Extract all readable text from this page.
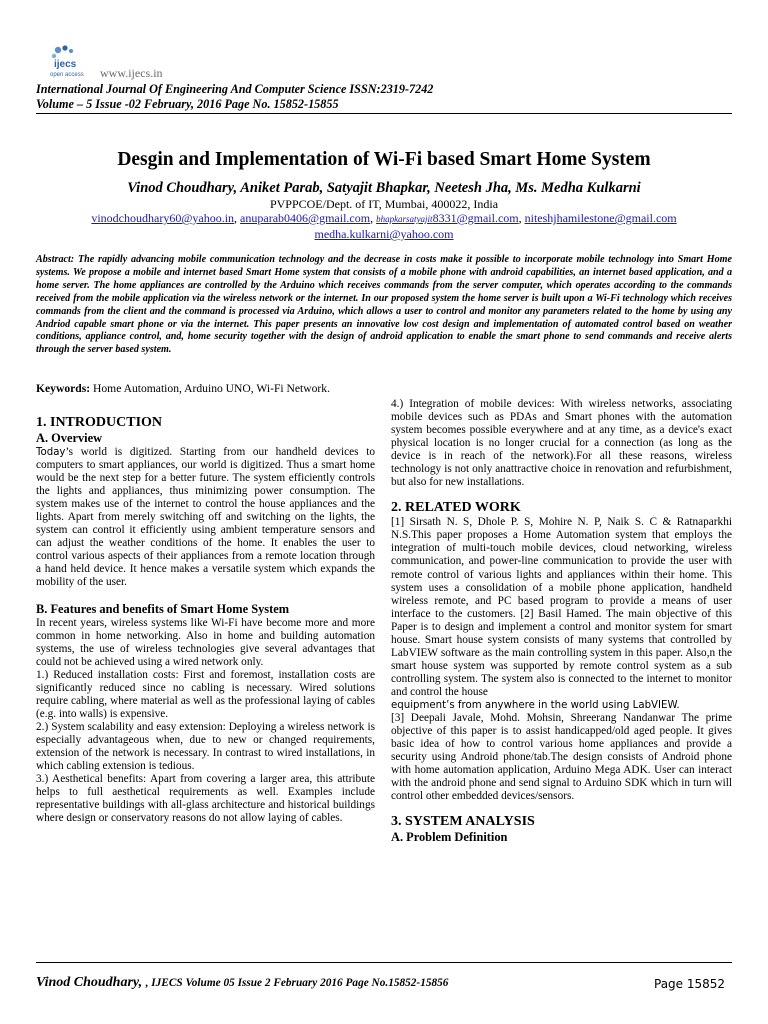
ijecs
open access www.ijecs.in
International Journal Of Engineering And Computer Science ISSN:2319-7242
Volume – 5 Issue -02 February, 2016 Page No. 15852-15855
Desgin and Implementation of Wi-Fi based Smart Home System
Vinod Choudhary, Aniket Parab, Satyajit Bhapkar, Neetesh Jha, Ms. Medha Kulkarni
PVPPCOE/Dept. of IT, Mumbai, 400022, India
vinodchoudhary60@yahoo.in, anuparab0406@gmail.com, bhapkarsatyajit8331@gmail.com, niteshjhamilestone@gmail.com
medha.kulkarni@yahoo.com
Abstract: The rapidly advancing mobile communication technology and the decrease in costs make it possible to incorporate mobile technology into Smart Home systems. We propose a mobile and internet based Smart Home system that consists of a mobile phone with android capabilities, an internet based application, and a home server. The home appliances are controlled by the Arduino which receives commands from the server computer, which operates according to the commands received from the mobile application via the wireless network or the internet. In our proposed system the home server is built upon a Wi-Fi technology which receives commands from the client and the command is processed via Arduino, which allows a user to control and monitor any parameters related to the home by using any Andriod capable smart phone or via the internet. This paper presents an innovative low cost design and implementation of automated control based on weather conditions, appliance control, and, home security together with the design of android application to enable the smart phone to send commands and receive alerts through the server based system.
Keywords: Home Automation, Arduino UNO, Wi-Fi Network.
1. INTRODUCTION
A. Overview

Today’s world is digitized. Starting from our handheld devices to computers to smart appliances, our world is digitized. Thus a smart home would be the next step for a better future. The system efficiently controls the lights and appliances, thus minimizing power consumption. The system makes use of the internet to control the house appliances and the lights. Apart from merely switching off and switching on the lights, the system can control it efficiently using ambient temperature sensors and can adjust the weather conditions of the home. It enables the user to control various aspects of their appliances from a remote location through a hand held device. It hence makes a versatile system which expands the mobility of the user.

B. Features and benefits of Smart Home System

In recent years, wireless systems like Wi-Fi have become more and more common in home networking. Also in home and building automation systems, the use of wireless technologies give several advantages that could not be achieved using a wired network only.

1.) Reduced installation costs: First and foremost, installation costs are significantly reduced since no cabling is necessary. Wired solutions require cabling, where material as well as the professional laying of cables (e.g. into walls) is expensive.

2.) System scalability and easy extension: Deploying a wireless network is especially advantageous when, due to new or changed requirements, extension of the network is necessary. In contrast to wired installations, in which cabling extension is tedious.

3.) Aesthetical benefits: Apart from covering a larger area, this attribute helps to full aesthetical requirements as well. Examples include representative buildings with all-glass architecture and historical buildings where design or conservatory reasons do not allow laying of cables.

4.) Integration of mobile devices: With wireless networks, associating mobile devices such as PDAs and Smart phones with the automation system becomes possible everywhere and at any time, as a device's exact physical location is no longer crucial for a connection (as long as the device is in reach of the network).For all these reasons, wireless technology is not only anattractive choice in renovation and refurbishment, but also for new installations.

2. RELATED WORK

[1] Sirsath N. S, Dhole P. S, Mohire N. P, Naik S. C & Ratnaparkhi N.S.This paper proposes a Home Automation system that employs the integration of multi-touch mobile devices, cloud networking, wireless communication, and power-line communication to provide the user with remote control of various lights and appliances within their home. This system uses a consolidation of a mobile phone application, handheld wireless remote, and PC based program to provide a means of user interface to the customers. [2] Basil Hamed. The main objective of this Paper is to design and implement a control and monitor system for smart house. Smart house system consists of many systems that controlled by LabVIEW software as the main controlling system in this paper. Also,n the smart house system was supported by remote control system as a sub controlling system. The system also is connected to the internet to monitor and control the house

equipment’s from anywhere in the world using LabVIEW.

[3] Deepali Javale, Mohd. Mohsin, Shreerang Nandanwar The prime objective of this paper is to assist handicapped/old aged people. It gives basic idea of how to control various home appliances and provide a security using Android phone/tab.The design consists of Android phone with home automation application, Arduino Mega ADK. User can interact with the android phone and send signal to Arduino SDK which in turn will control other embedded devices/sensors.

3. SYSTEM ANALYSIS
A. Problem Definition
Vinod Choudhary, , IJECS Volume 05 Issue 2 February 2016 Page No.15852-15856	Page 15852
